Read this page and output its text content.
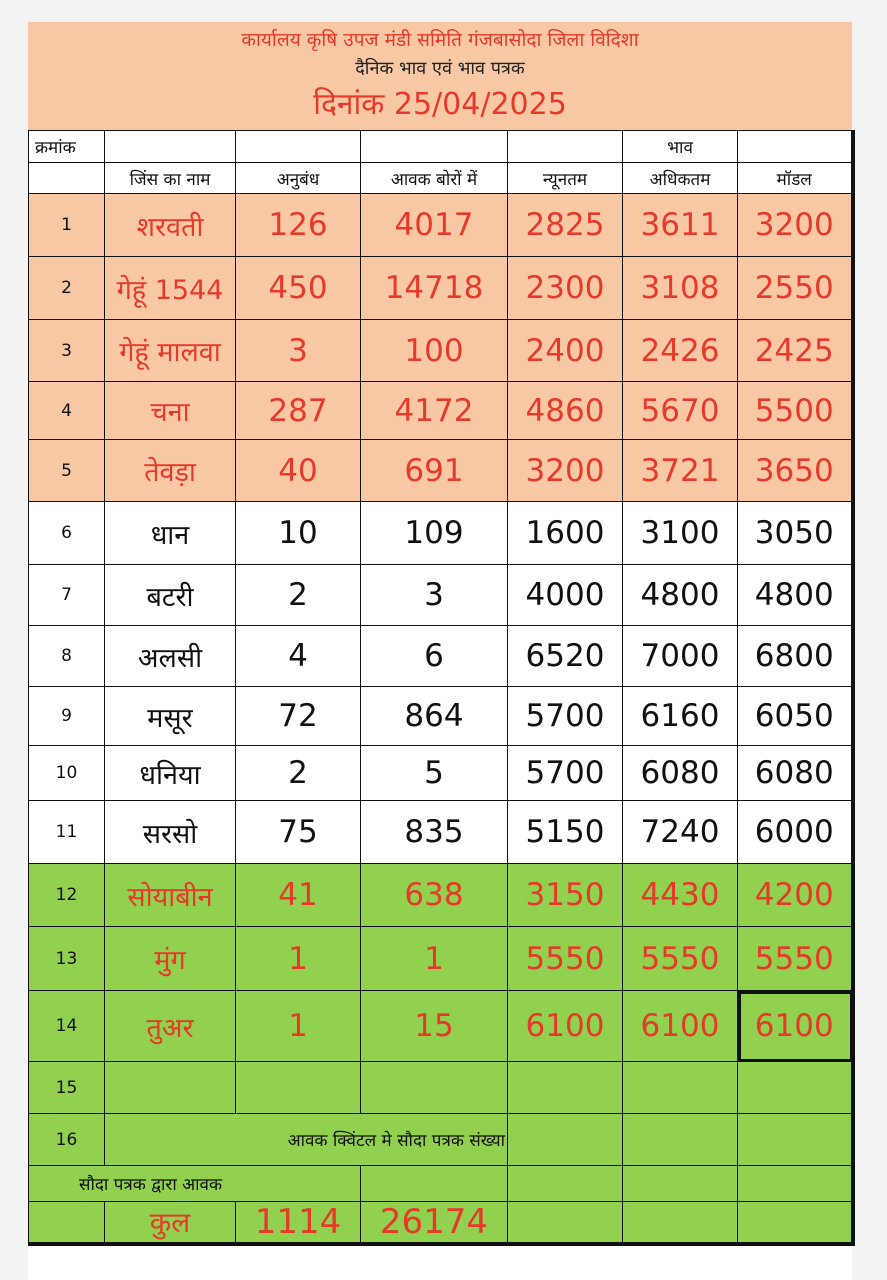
कार्यालय कृषि उपज मंडी समिति गंजबासोदा जिला विदिशा
दैनिक भाव एवं भाव पत्रक
दिनांक 25/04/2025
क्रमांक					भाव	
	जिंस का नाम	अनुबंध	आवक बोरों में	न्यूनतम	अधिकतम	मॉडल
1	शरवती	126	4017	2825	3611	3200
2	गेहूं 1544	450	14718	2300	3108	2550
3	गेहूं मालवा	3	100	2400	2426	2425
4	चना	287	4172	4860	5670	5500
5	तेवड़ा	40	691	3200	3721	3650
6	धान	10	109	1600	3100	3050
7	बटरी	2	3	4000	4800	4800
8	अलसी	4	6	6520	7000	6800
9	मसूर	72	864	5700	6160	6050
10	धनिया	2	5	5700	6080	6080
11	सरसो	75	835	5150	7240	6000
12	सोयाबीन	41	638	3150	4430	4200
13	मुंग	1	1	5550	5550	5550
14	तुअर	1	15	6100	6100	6100
15						
16	आवक क्विंटल मे सौदा पत्रक संख्या					
सौदा पत्रक द्वारा आवक						
	कुल	1114	26174			
